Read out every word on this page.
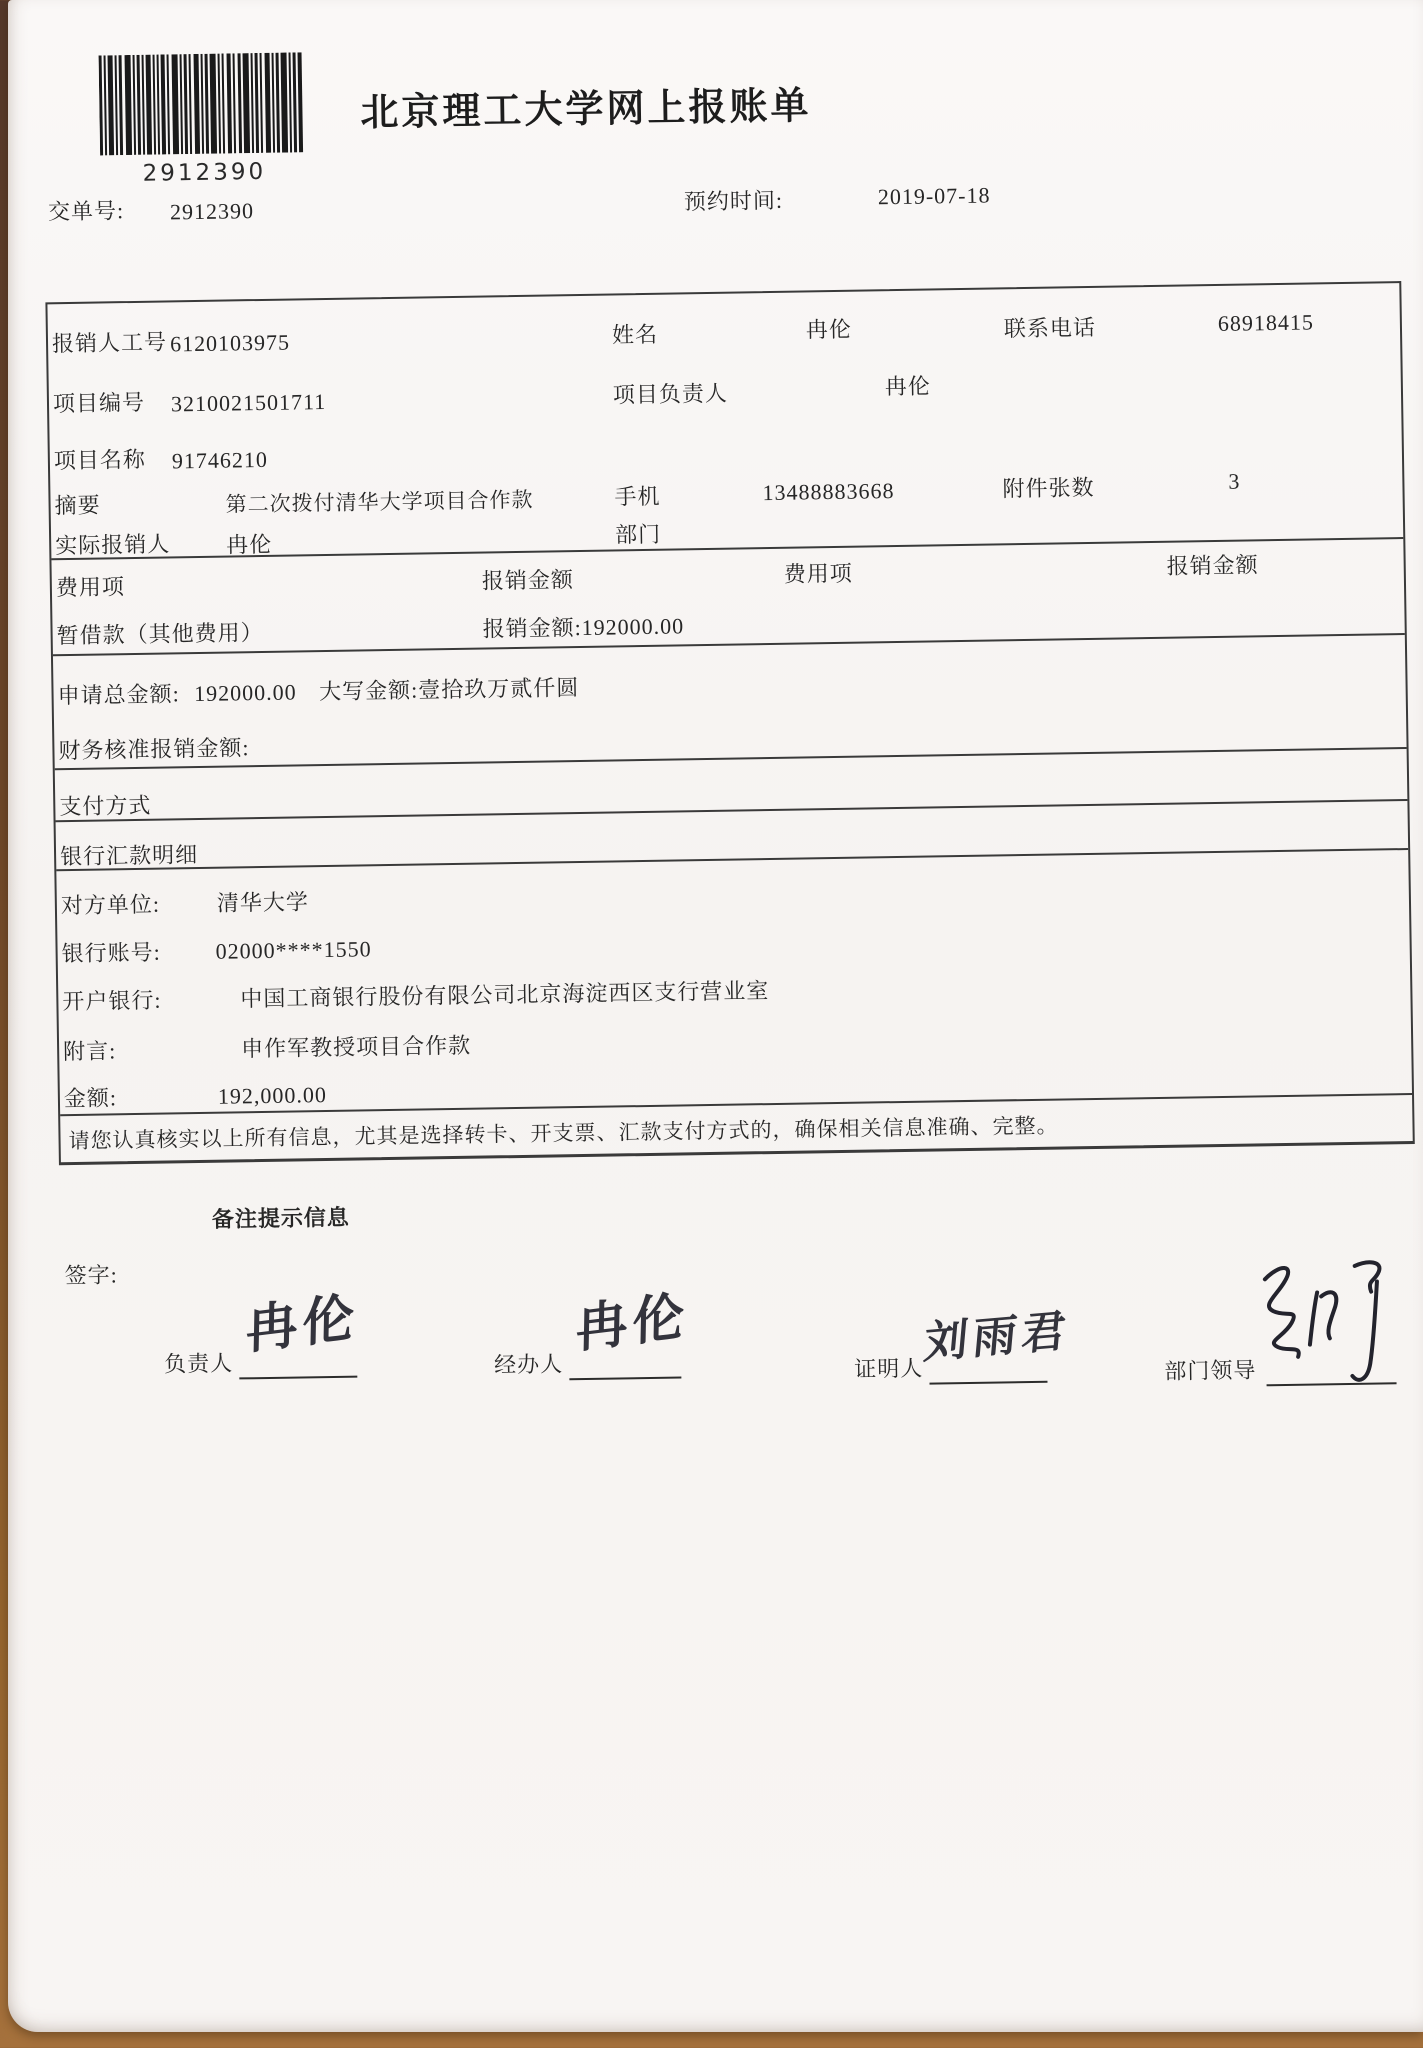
2912390
北京理工大学网上报账单
交单号: 2912390	预约时间:	2019-07-18
报销人工号 6120103975	姓名	冉伦	联系电话	68918415
项目编号 3210021501711	项目负责人	冉伦
项目名称 91746210
摘要	第二次拨付清华大学项目合作款	手机	13488883668	附件张数	3
实际报销人	冉伦	部门
费用项	报销金额	费用项	报销金额
暂借款（其他费用）	报销金额:192000.00
申请总金额: 192000.00 大写金额:壹拾玖万贰仟圆
财务核准报销金额:
支付方式
银行汇款明细
对方单位:	清华大学
银行账号: 02000****1550
开户银行:	中国工商银行股份有限公司北京海淀西区支行营业室
附言:	申作军教授项目合作款
金额:	192,000.00
请您认真核实以上所有信息，尤其是选择转卡、开支票、汇款支付方式的，确保相关信息准确、完整。
备注提示信息
签字:
负责人
冉伦
经办人
冉伦
证明人
刘雨君
部门领导
